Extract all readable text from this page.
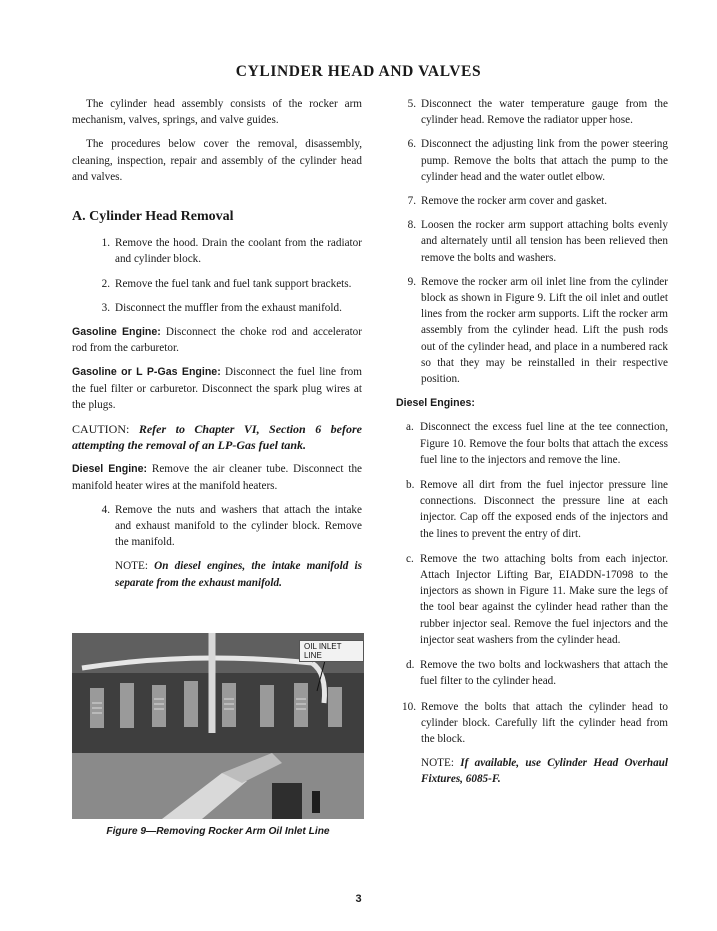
CYLINDER HEAD AND VALVES

The cylinder head assembly consists of the rocker arm mechanism, valves, springs, and valve guides.

The procedures below cover the removal, disassembly, cleaning, inspection, repair and assembly of the cylinder head and valves.

A. Cylinder Head Removal
1. Remove the hood. Drain the coolant from the radiator and cylinder block.
2. Remove the fuel tank and fuel tank support brackets.
3. Disconnect the muffler from the exhaust manifold.

Gasoline Engine: Disconnect the choke rod and accelerator rod from the carburetor.

Gasoline or L P-Gas Engine: Disconnect the fuel line from the fuel filter or carburetor. Disconnect the spark plug wires at the plugs.

CAUTION: Refer to Chapter VI, Section 6 before attempting the removal of an LP-Gas fuel tank.

Diesel Engine: Remove the air cleaner tube. Disconnect the manifold heater wires at the manifold heaters.

4. Remove the nuts and washers that attach the intake and exhaust manifold to the cylinder block. Remove the manifold.
NOTE: On diesel engines, the intake manifold is separate from the exhaust manifold.
OIL INLET LINE
Figure 9—Removing Rocker Arm Oil Inlet Line
5. Disconnect the water temperature gauge from the cylinder head. Remove the radiator upper hose.
6. Disconnect the adjusting link from the power steering pump. Remove the bolts that attach the pump to the cylinder head and the water outlet elbow.
7. Remove the rocker arm cover and gasket.
8. Loosen the rocker arm support attaching bolts evenly and alternately until all tension has been relieved then remove the bolts and washers.
9. Remove the rocker arm oil inlet line from the cylinder block as shown in Figure 9. Lift the oil inlet and outlet lines from the rocker arm supports. Lift the rocker arm assembly from the cylinder head. Lift the push rods out of the cylinder head, and place in a numbered rack so that they may be reinstalled in their respective position.
Diesel Engines:
a. Disconnect the excess fuel line at the tee connection, Figure 10. Remove the four bolts that attach the excess fuel line to the injectors and remove the line.
b. Remove all dirt from the fuel injector pressure line connections. Disconnect the pressure line at each injector. Cap off the exposed ends of the injectors and the lines to prevent the entry of dirt.
c. Remove the two attaching bolts from each injector. Attach Injector Lifting Bar, EIADDN-17098 to the injectors as shown in Figure 11. Make sure the legs of the tool bear against the cylinder head rather than the rubber injector seal. Remove the fuel injectors and the injector seat washers from the cylinder head.
d. Remove the two bolts and lockwashers that attach the fuel filter to the cylinder head.
10. Remove the bolts that attach the cylinder head to cylinder block. Carefully lift the cylinder head from the block.
NOTE: If available, use Cylinder Head Overhaul Fixtures, 6085-F.
3
